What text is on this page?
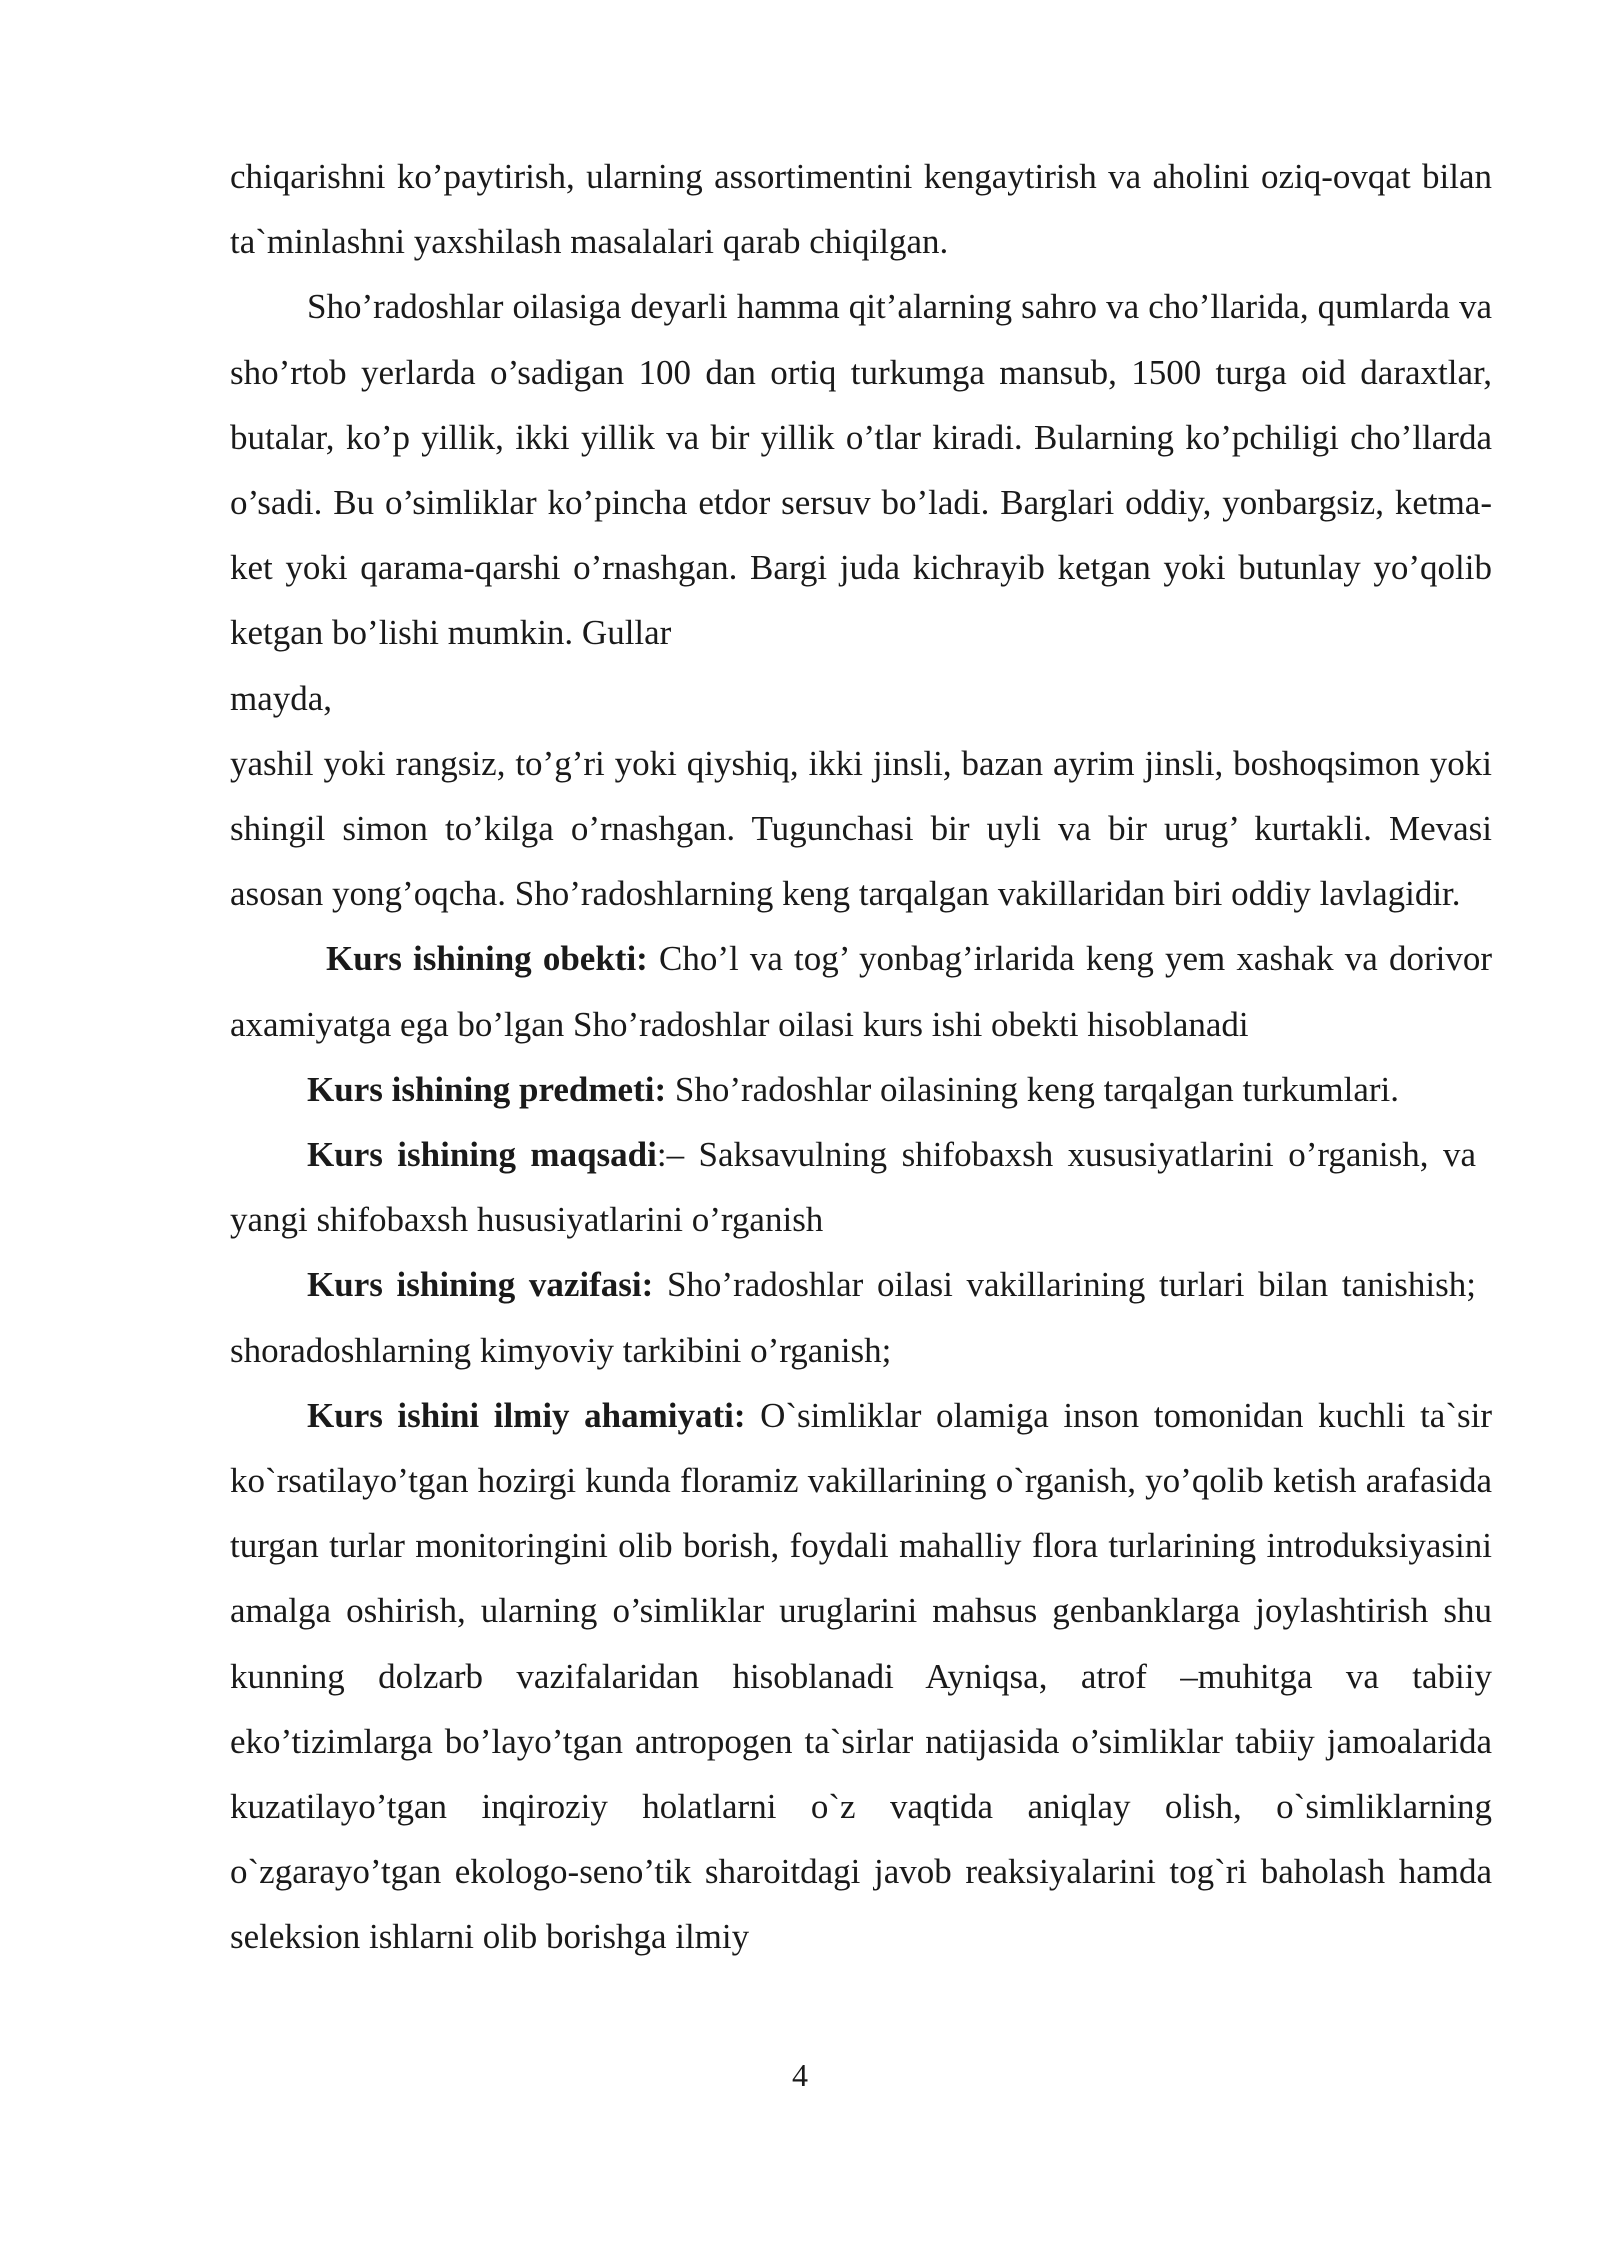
chiqarishni ko’paytirish, ularning assortimentini kengaytirish va aholini oziq-ovqat bilan ta`minlashni yaxshilash masalalari qarab chiqilgan.

Sho’radoshlar oilasiga deyarli hamma qit’alarning sahro va cho’llarida, qumlarda va sho’rtob yerlarda o’sadigan 100 dan ortiq turkumga mansub, 1500 turga oid daraxtlar, butalar, ko’p yillik, ikki yillik va bir yillik o’tlar kiradi. Bularning ko’pchiligi cho’llarda o’sadi. Bu o’simliklar ko’pincha etdor sersuv bo’ladi. Barglari oddiy, yonbargsiz, ketma-ket yoki qarama-qarshi o’rnashgan. Bargi juda kichrayib ketgan yoki butunlay yo’qolib ketgan bo’lishi mumkin. Gullar

mayda,

yashil yoki rangsiz, to’g’ri yoki qiyshiq, ikki jinsli, bazan ayrim jinsli, boshoqsimon yoki shingil simon to’kilga o’rnashgan. Tugunchasi bir uyli va bir urug’ kurtakli. Mevasi asosan yong’oqcha. Sho’radoshlarning keng tarqalgan vakillaridan biri oddiy lavlagidir.

Kurs ishining obekti: Cho’l va tog’ yonbag’irlarida keng yem xashak va dorivor axamiyatga ega bo’lgan Sho’radoshlar oilasi kurs ishi obekti hisoblanadi

Kurs ishining predmeti: Sho’radoshlar oilasining keng tarqalgan turkumlari.

Kurs ishining maqsadi:– Saksavulning shifobaxsh xususiyatlarini o’rganish, va yangi shifobaxsh hususiyatlarini o’rganish

Kurs ishining vazifasi: Sho’radoshlar oilasi vakillarining turlari bilan tanishish; shoradoshlarning kimyoviy tarkibini o’rganish;

Kurs ishini ilmiy ahamiyati: O`simliklar olamiga inson tomonidan kuchli ta`sir ko`rsatilayo’tgan hozirgi kunda floramiz vakillarining o`rganish, yo’qolib ketish arafasida turgan turlar monitoringini olib borish, foydali mahalliy flora turlarining introduksiyasini amalga oshirish, ularning o’simliklar uruglarini mahsus genbanklarga joylashtirish shu kunning dolzarb vazifalaridan hisoblanadi Ayniqsa, atrof –muhitga va tabiiy eko’tizimlarga bo’layo’tgan antropogen ta`sirlar natijasida o’simliklar tabiiy jamoalarida kuzatilayo’tgan inqiroziy holatlarni o`z vaqtida aniqlay olish, o`simliklarning o`zgarayo’tgan ekologo-seno’tik sharoitdagi javob reaksiyalarini tog`ri baholash hamda seleksion ishlarni olib borishga ilmiy

4
